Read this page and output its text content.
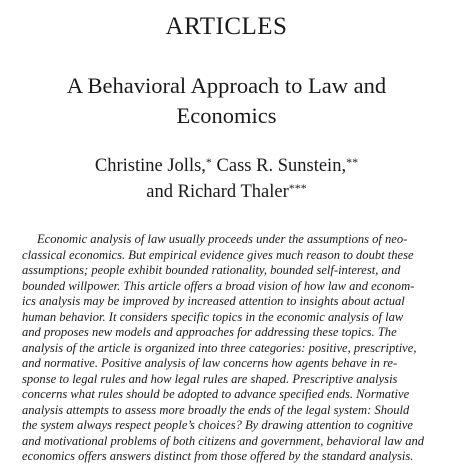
ARTICLES
A Behavioral Approach to Law and
Economics
Christine Jolls,* Cass R. Sunstein,**
and Richard Thaler***
Economic analysis of law usually proceeds under the assumptions of neo-
classical economics. But empirical evidence gives much reason to doubt these
assumptions; people exhibit bounded rationality, bounded self-interest, and
bounded willpower. This article offers a broad vision of how law and econom-
ics analysis may be improved by increased attention to insights about actual
human behavior. It considers specific topics in the economic analysis of law
and proposes new models and approaches for addressing these topics. The
analysis of the article is organized into three categories: positive, prescriptive,
and normative. Positive analysis of law concerns how agents behave in re-
sponse to legal rules and how legal rules are shaped. Prescriptive analysis
concerns what rules should be adopted to advance specified ends. Normative
analysis attempts to assess more broadly the ends of the legal system: Should
the system always respect people’s choices? By drawing attention to cognitive
and motivational problems of both citizens and government, behavioral law and
economics offers answers distinct from those offered by the standard analysis.
